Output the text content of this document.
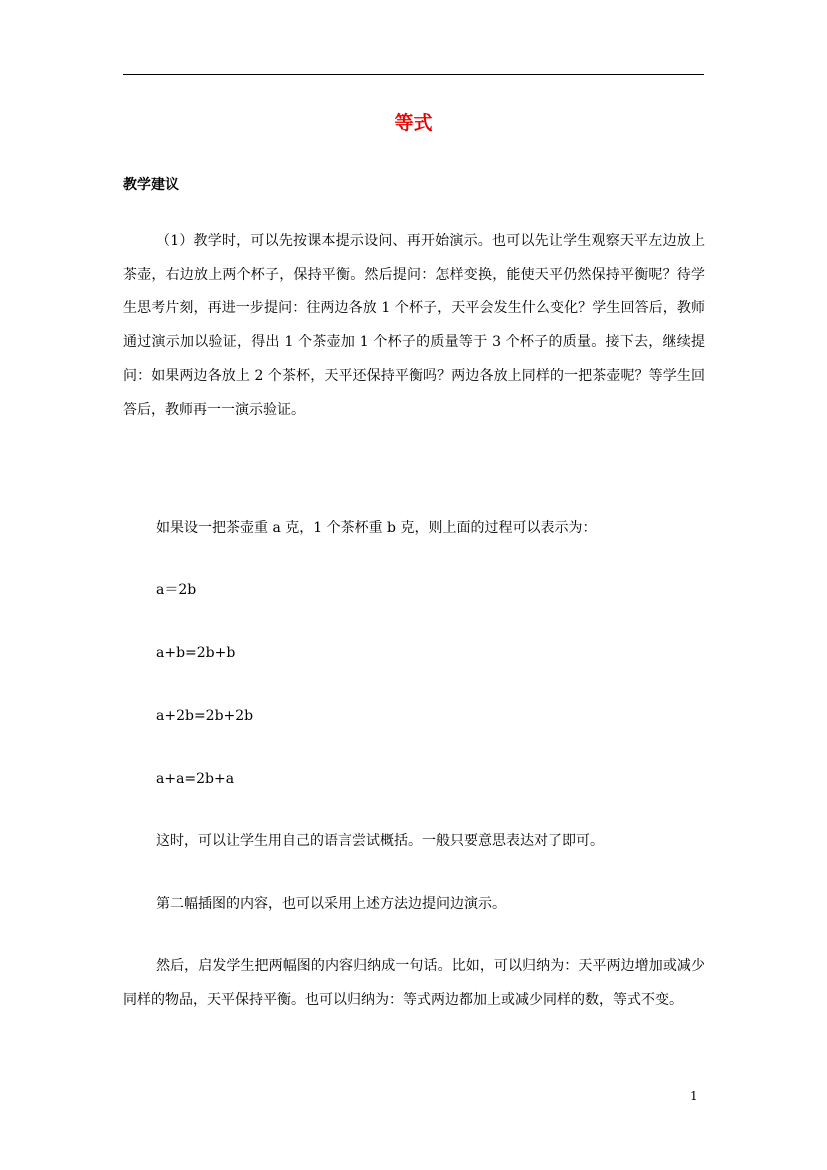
等式
教学建议
（1）教学时，可以先按课本提示设问、再开始演示。也可以先让学生观察天平左边放上茶壶，右边放上两个杯子，保持平衡。然后提问：怎样变换，能使天平仍然保持平衡呢？待学生思考片刻，再进一步提问：往两边各放 1 个杯子，天平会发生什么变化？学生回答后，教师通过演示加以验证，得出 1 个茶壶加 1 个杯子的质量等于 3 个杯子的质量。接下去，继续提问：如果两边各放上 2 个茶杯，天平还保持平衡吗？两边各放上同样的一把茶壶呢？等学生回答后，教师再一一演示验证。
如果设一把茶壶重 a 克，1 个茶杯重 b 克，则上面的过程可以表示为：
a＝2b
a+b=2b+b
a+2b=2b+2b
a+a=2b+a
这时，可以让学生用自己的语言尝试概括。一般只要意思表达对了即可。
第二幅插图的内容，也可以采用上述方法边提问边演示。
然后，启发学生把两幅图的内容归纳成一句话。比如，可以归纳为：天平两边增加或减少同样的物品，天平保持平衡。也可以归纳为：等式两边都加上或减少同样的数，等式不变。
1
